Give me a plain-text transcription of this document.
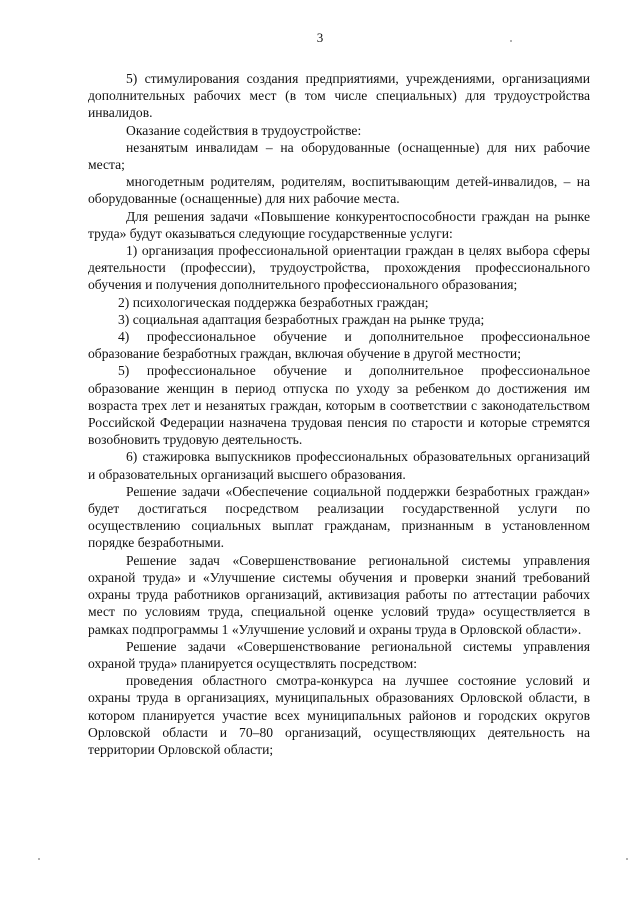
3

5) стимулирования создания предприятиями, учреждениями, организациями дополнительных рабочих мест (в том числе специальных) для трудоустройства инвалидов.

Оказание содействия в трудоустройстве:

незанятым инвалидам – на оборудованные (оснащенные) для них рабочие места;

многодетным родителям, родителям, воспитывающим детей-инвалидов, – на оборудованные (оснащенные) для них рабочие места.

Для решения задачи «Повышение конкурентоспособности граждан на рынке труда» будут оказываться следующие государственные услуги:

1) организация профессиональной ориентации граждан в целях выбора сферы деятельности (профессии), трудоустройства, прохождения профессионального обучения и получения дополнительного профессионального образования;

2) психологическая поддержка безработных граждан;

3) социальная адаптация безработных граждан на рынке труда;

4) профессиональное обучение и дополнительное профессиональное образование безработных граждан, включая обучение в другой местности;

5) профессиональное обучение и дополнительное профессиональное образование женщин в период отпуска по уходу за ребенком до достижения им возраста трех лет и незанятых граждан, которым в соответствии с законодательством Российской Федерации назначена трудовая пенсия по старости и которые стремятся возобновить трудовую деятельность.

6) стажировка выпускников профессиональных образовательных организаций и образовательных организаций высшего образования.

Решение задачи «Обеспечение социальной поддержки безработных граждан» будет достигаться посредством реализации государственной услуги по осуществлению социальных выплат гражданам, признанным в установленном порядке безработными.

Решение задач «Совершенствование региональной системы управления охраной труда» и «Улучшение системы обучения и проверки знаний требований охраны труда работников организаций, активизация работы по аттестации рабочих мест по условиям труда, специальной оценке условий труда» осуществляется в рамках подпрограммы 1 «Улучшение условий и охраны труда в Орловской области».

Решение задачи «Совершенствование региональной системы управления охраной труда» планируется осуществлять посредством:

проведения областного смотра-конкурса на лучшее состояние условий и охраны труда в организациях, муниципальных образованиях Орловской области, в котором планируется участие всех муниципальных районов и городских округов Орловской области и 70–80 организаций, осуществляющих деятельность на территории Орловской области;
